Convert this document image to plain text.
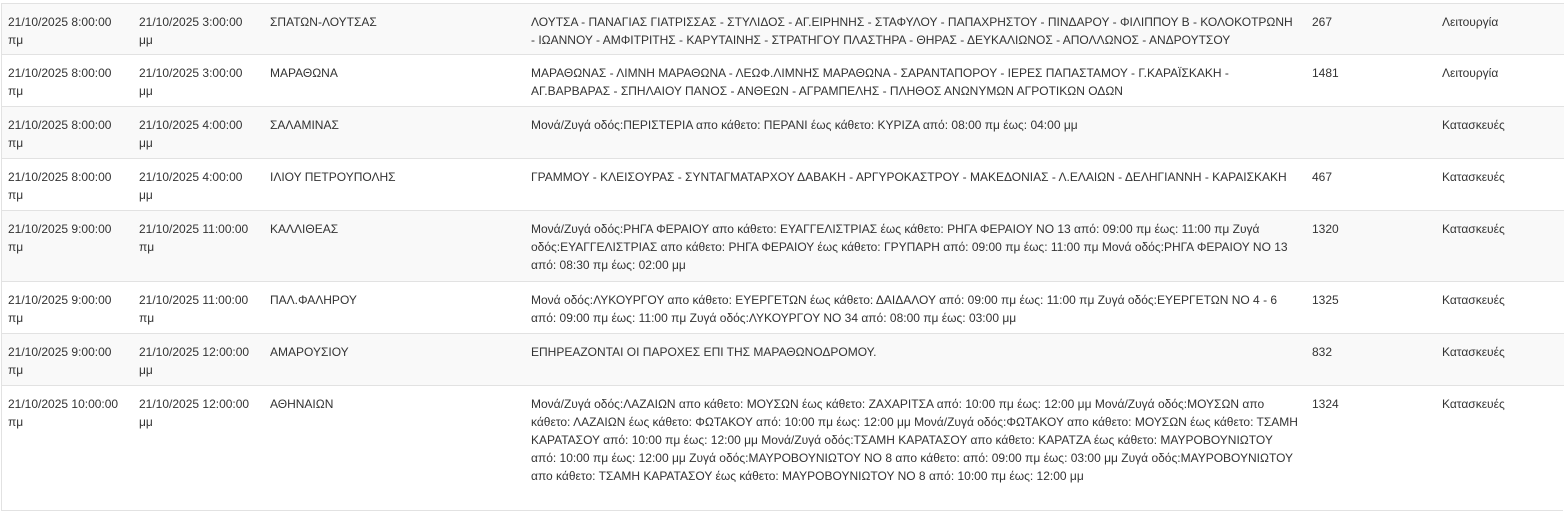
21/10/2025 8:00:00 πμ	21/10/2025 3:00:00 μμ	ΣΠΑΤΩΝ-ΛΟΥΤΣΑΣ	ΛΟΥΤΣΑ - ΠΑΝΑΓΙΑΣ ΓΙΑΤΡΙΣΣΑΣ - ΣΤΥΛΙΔΟΣ - ΑΓ.ΕΙΡΗΝΗΣ - ΣΤΑΦΥΛΟΥ - ΠΑΠΑΧΡΗΣΤΟΥ - ΠΙΝΔΑΡΟΥ - ΦΙΛΙΠΠΟΥ Β - ΚΟΛΟΚΟΤΡΩΝΗ - ΙΩΑΝΝΟΥ - ΑΜΦΙΤΡΙΤΗΣ - ΚΑΡΥΤΑΙΝΗΣ - ΣΤΡΑΤΗΓΟΥ ΠΛΑΣΤΗΡΑ - ΘΗΡΑΣ - ΔΕΥΚΑΛΙΩΝΟΣ - ΑΠΟΛΛΩΝΟΣ - ΑΝΔΡΟΥΤΣΟΥ	267	Λειτουργία
21/10/2025 8:00:00 πμ	21/10/2025 3:00:00 μμ	ΜΑΡΑΘΩΝΑ	ΜΑΡΑΘΩΝΑΣ - ΛΙΜΝΗ ΜΑΡΑΘΩΝΑ - ΛΕΩΦ.ΛΙΜΝΗΣ ΜΑΡΑΘΩΝΑ - ΣΑΡΑΝΤΑΠΟΡΟΥ - ΙΕΡΕΣ ΠΑΠΑΣΤΑΜΟΥ - Γ.ΚΑΡΑΪΣΚΑΚΗ - ΑΓ.ΒΑΡΒΑΡΑΣ - ΣΠΗΛΑΙΟΥ ΠΑΝΟΣ - ΑΝΘΕΩΝ - ΑΓΡΑΜΠΕΛΗΣ - ΠΛΗΘΟΣ ΑΝΩΝΥΜΩΝ ΑΓΡΟΤΙΚΩΝ ΟΔΩΝ	1481	Λειτουργία
21/10/2025 8:00:00 πμ	21/10/2025 4:00:00 μμ	ΣΑΛΑΜΙΝΑΣ	Μονά/Ζυγά οδός:ΠΕΡΙΣΤΕΡΙΑ απο κάθετο: ΠΕΡΑΝΙ έως κάθετο: ΚΥΡΙΖΑ από: 08:00 πμ έως: 04:00 μμ		Κατασκευές
21/10/2025 8:00:00 πμ	21/10/2025 4:00:00 μμ	ΙΛΙΟΥ ΠΕΤΡΟΥΠΟΛΗΣ	ΓΡΑΜΜΟΥ - ΚΛΕΙΣΟΥΡΑΣ - ΣΥΝΤΑΓΜΑΤΑΡΧΟΥ ΔΑΒΑΚΗ - ΑΡΓΥΡΟΚΑΣΤΡΟΥ - ΜΑΚΕΔΟΝΙΑΣ - Λ.ΕΛΑΙΩΝ - ΔΕΛΗΓΙΑΝΝΗ - ΚΑΡΑΙΣΚΑΚΗ	467	Κατασκευές
21/10/2025 9:00:00 πμ	21/10/2025 11:00:00 πμ	ΚΑΛΛΙΘΕΑΣ	Μονά/Ζυγά οδός:ΡΗΓΑ ΦΕΡΑΙΟΥ απο κάθετο: ΕΥΑΓΓΕΛΙΣΤΡΙΑΣ έως κάθετο: ΡΗΓΑ ΦΕΡΑΙΟΥ ΝΟ 13 από: 09:00 πμ έως: 11:00 πμ Ζυγά οδός:ΕΥΑΓΓΕΛΙΣΤΡΙΑΣ απο κάθετο: ΡΗΓΑ ΦΕΡΑΙΟΥ έως κάθετο: ΓΡΥΠΑΡΗ από: 09:00 πμ έως: 11:00 πμ Μονά οδός:ΡΗΓΑ ΦΕΡΑΙΟΥ ΝΟ 13 από: 08:30 πμ έως: 02:00 μμ	1320	Κατασκευές
21/10/2025 9:00:00 πμ	21/10/2025 11:00:00 πμ	ΠΑΛ.ΦΑΛΗΡΟΥ	Μονά οδός:ΛΥΚΟΥΡΓΟΥ απο κάθετο: ΕΥΕΡΓΕΤΩΝ έως κάθετο: ΔΑΙΔΑΛΟΥ από: 09:00 πμ έως: 11:00 πμ Ζυγά οδός:ΕΥΕΡΓΕΤΩΝ ΝΟ 4 - 6 από: 09:00 πμ έως: 11:00 πμ Ζυγά οδός:ΛΥΚΟΥΡΓΟΥ ΝΟ 34 από: 08:00 πμ έως: 03:00 μμ	1325	Κατασκευές
21/10/2025 9:00:00 πμ	21/10/2025 12:00:00 μμ	ΑΜΑΡΟΥΣΙΟΥ	ΕΠΗΡΕΑΖΟΝΤΑΙ ΟΙ ΠΑΡΟΧΕΣ ΕΠΙ ΤΗΣ ΜΑΡΑΘΩΝΟΔΡΟΜΟΥ.	832	Κατασκευές
21/10/2025 10:00:00 πμ	21/10/2025 12:00:00 μμ	ΑΘΗΝΑΙΩΝ	Μονά/Ζυγά οδός:ΛΑΖΑΙΩΝ απο κάθετο: ΜΟΥΣΩΝ έως κάθετο: ΖΑΧΑΡΙΤΣΑ από: 10:00 πμ έως: 12:00 μμ Μονά/Ζυγά οδός:ΜΟΥΣΩΝ απο κάθετο: ΛΑΖΑΙΩΝ έως κάθετο: ΦΩΤΑΚΟΥ από: 10:00 πμ έως: 12:00 μμ Μονά/Ζυγά οδός:ΦΩΤΑΚΟΥ απο κάθετο: ΜΟΥΣΩΝ έως κάθετο: ΤΣΑΜΗ ΚΑΡΑΤΑΣΟΥ από: 10:00 πμ έως: 12:00 μμ Μονά/Ζυγά οδός:ΤΣΑΜΗ ΚΑΡΑΤΑΣΟΥ απο κάθετο: ΚΑΡΑΤΖΑ έως κάθετο: ΜΑΥΡΟΒΟΥΝΙΩΤΟΥ από: 10:00 πμ έως: 12:00 μμ Ζυγά οδός:ΜΑΥΡΟΒΟΥΝΙΩΤΟΥ ΝΟ 8 απο κάθετο: από: 09:00 πμ έως: 03:00 μμ Ζυγά οδός:ΜΑΥΡΟΒΟΥΝΙΩΤΟΥ απο κάθετο: ΤΣΑΜΗ ΚΑΡΑΤΑΣΟΥ έως κάθετο: ΜΑΥΡΟΒΟΥΝΙΩΤΟΥ ΝΟ 8 από: 10:00 πμ έως: 12:00 μμ	1324	Κατασκευές
